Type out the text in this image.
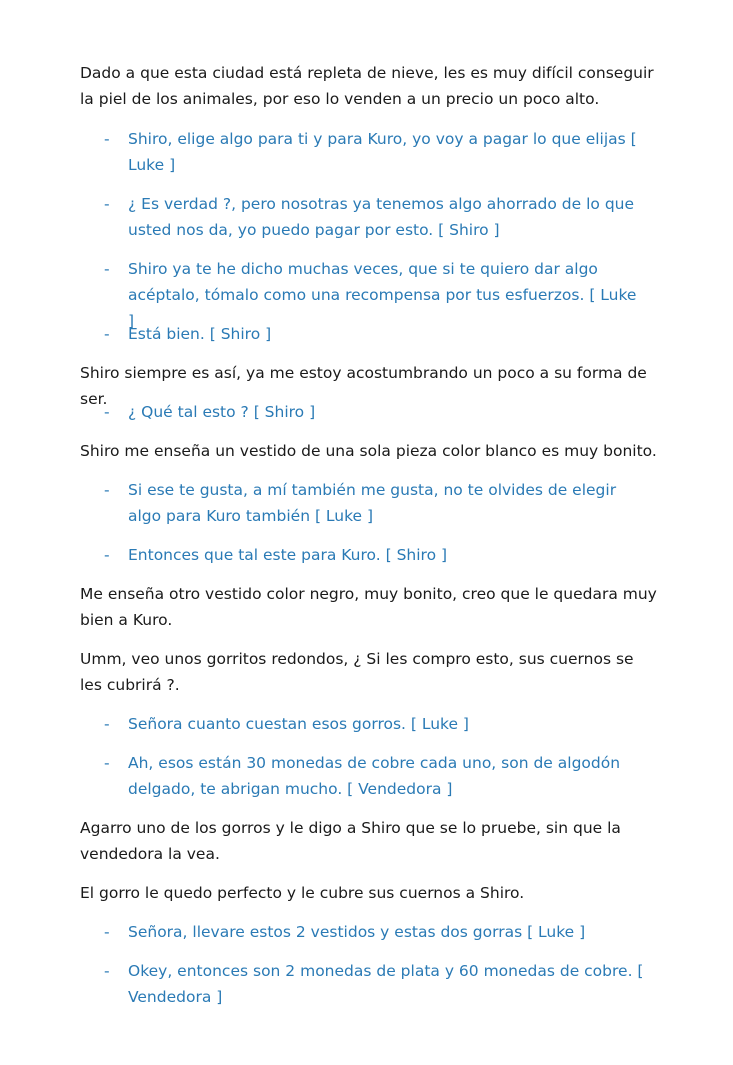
Dado a que esta ciudad está repleta de nieve, les es muy difícil conseguir la piel de los animales, por eso lo venden a un precio un poco alto.

-	Shiro, elige algo para ti y para Kuro, yo voy a pagar lo que elijas [ Luke ]
-	¿ Es verdad ?, pero nosotras ya tenemos algo ahorrado de lo que usted nos da, yo puedo pagar por esto. [ Shiro ]
-	Shiro ya te he dicho muchas veces, que si te quiero dar algo acéptalo, tómalo como una recompensa por tus esfuerzos. [ Luke ]
-	Está bien. [ Shiro ]

Shiro siempre es así, ya me estoy acostumbrando un poco a su forma de ser.

-	¿ Qué tal esto ? [ Shiro ]

Shiro me enseña un vestido de una sola pieza color blanco es muy bonito.

-	Si ese te gusta, a mí también me gusta, no te olvides de elegir algo para Kuro también [ Luke ]
-	Entonces que tal este para Kuro. [ Shiro ]

Me enseña otro vestido color negro, muy bonito, creo que le quedara muy bien a Kuro.

Umm, veo unos gorritos redondos, ¿ Si les compro esto, sus cuernos se les cubrirá ?.

-	Señora cuanto cuestan esos gorros. [ Luke ]
-	Ah, esos están 30 monedas de cobre cada uno, son de algodón delgado, te abrigan mucho. [ Vendedora ]

Agarro uno de los gorros y le digo a Shiro que se lo pruebe, sin que la vendedora la vea.

El gorro le quedo perfecto y le cubre sus cuernos a Shiro.

-	Señora, llevare estos 2 vestidos y estas dos gorras [ Luke ]
-	Okey, entonces son 2 monedas de plata y 60 monedas de cobre. [ Vendedora ]
